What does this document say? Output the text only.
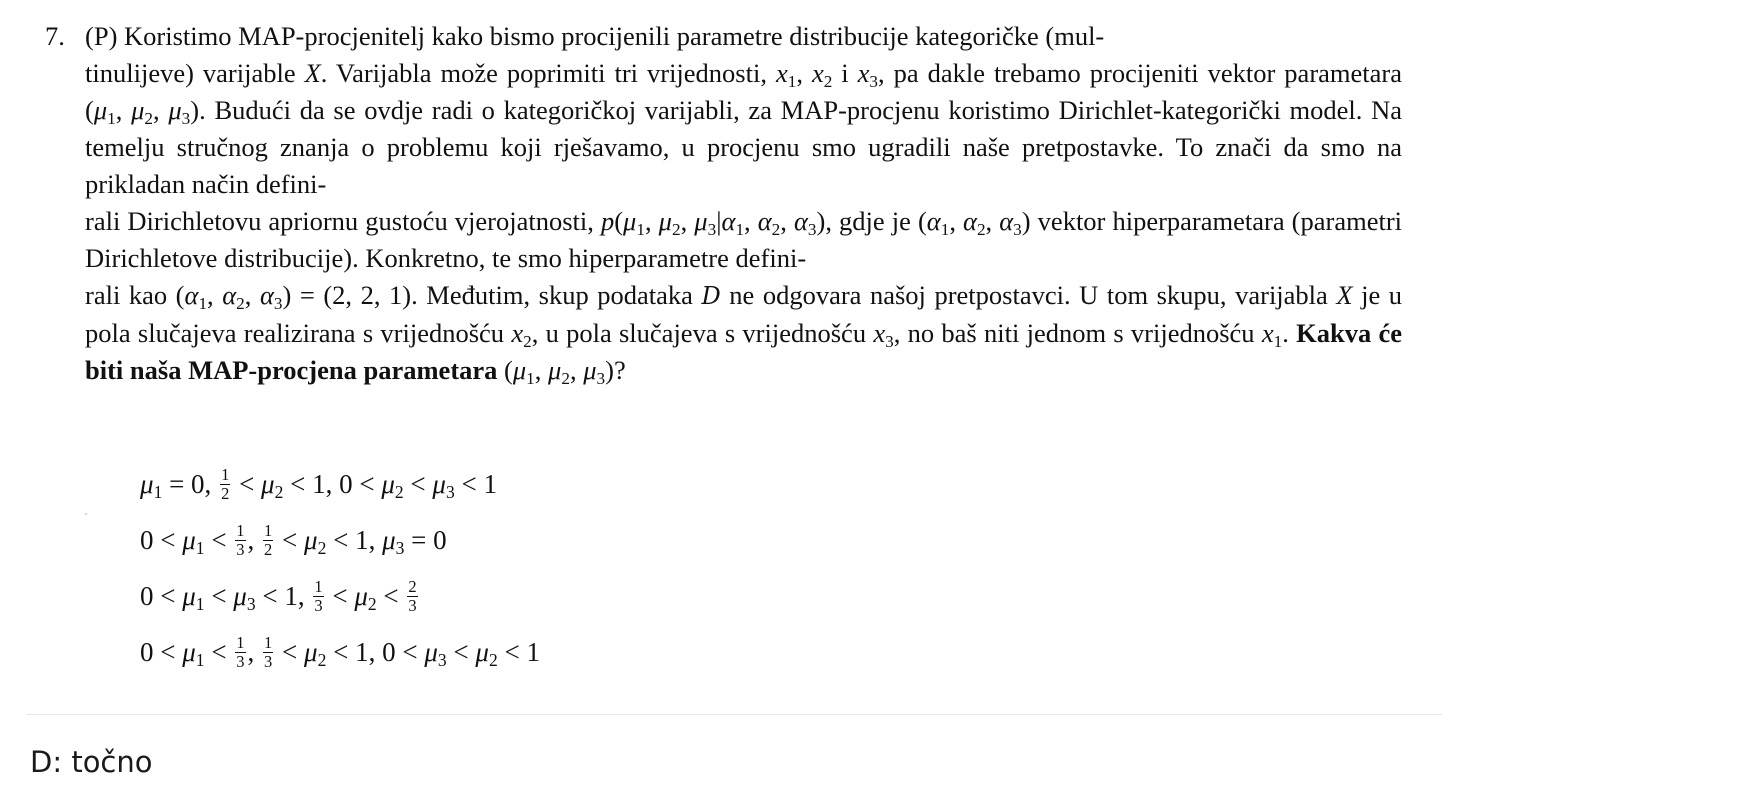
7. (P) Koristimo MAP-procjenitelj kako bismo procijenili parametre distribucije kategoričke (mul-
tinulijeve) varijable X. Varijabla može poprimiti tri vrijednosti, $x_1$, $x_2$ i $x_3$, pa dakle trebamo procijeniti vektor parametara ($\mu_1$, $\mu_2$, $\mu_3$). Budući da se ovdje radi o kategoričkoj varijabli, za MAP-procjenu koristimo Dirichlet-kategorički model. Na temelju stručnog znanja o problemu koji rješavamo, u procjenu smo ugradili naše pretpostavke. To znači da smo na prikladan način defini-
rali Dirichletovu apriornu gustoću vjerojatnosti, $p(\mu_1$, $\mu_2$, $\mu_3|\alpha_1$, $\alpha_2$, $\alpha_3$), gdje je ($\alpha_1$, $\alpha_2$, $\alpha_3$) vektor hiperparametara (parametri Dirichletove distribucije). Konkretno, te smo hiperparametre defini-
rali kao ($\alpha_1$, $\alpha_2$, $\alpha_3) = (2$, 2, 1). Međutim, skup podataka D ne odgovara našoj pretpostavci. U tom skupu, varijabla X je u pola slučajeva realizirana s vrijednošću $x_2$, u pola slučajeva s vrijednošću $x_3$, no baš niti jednom s vrijednošću $x_1$. Kakva će biti naša MAP-procjena parametara ($\mu_1$, $\mu_2$, $\mu_3$)?
$\mu_1 = 0$, $\frac{1}{2} < \mu_2 < 1$, $0 < \mu_2 < \mu_3 < 1$
$0 < \mu_1 < \frac{1}{3}$ , $\frac{1}{2} < \mu_2 < 1$, $\mu_3 = 0$
$0 < \mu_1 < \mu_3 < 1$, $\frac{1}{3} < \mu_2 < \frac{2}{3}$
$0 < \mu_1 < \frac{1}{3}$ , $\frac{1}{3} < \mu_2 < 1$, $0 < \mu_3 < \mu_2 < 1$
D: točno
